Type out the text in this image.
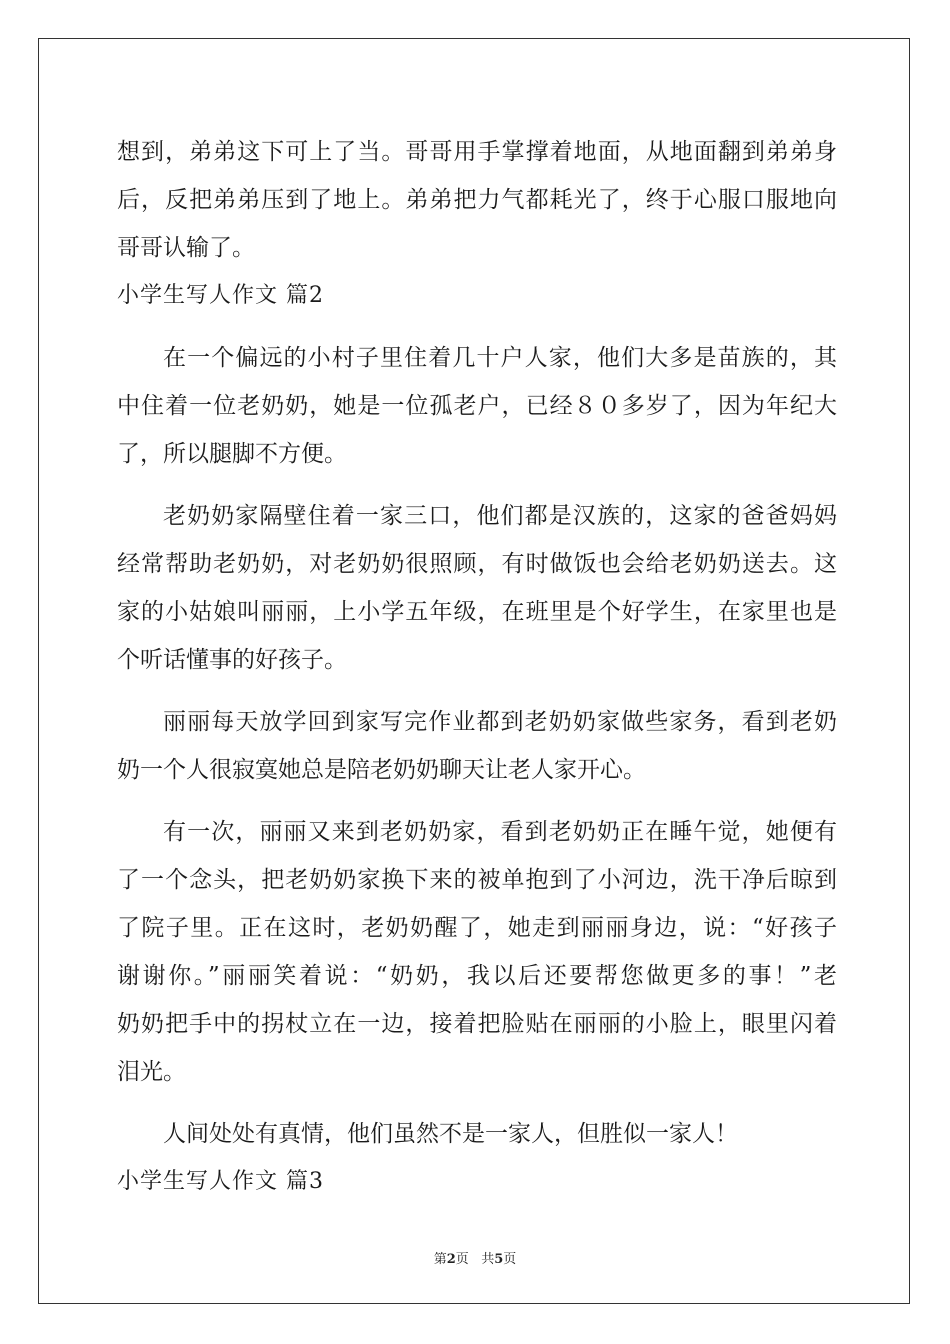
想到，弟弟这下可上了当。哥哥用手掌撑着地面，从地面翻到弟弟身
后，反把弟弟压到了地上。弟弟把力气都耗光了，终于心服口服地向
哥哥认输了。
小学生写人作文 篇2
在一个偏远的小村子里住着几十户人家，他们大多是苗族的，其
中住着一位老奶奶，她是一位孤老户，已经８０多岁了，因为年纪大
了，所以腿脚不方便。
老奶奶家隔壁住着一家三口，他们都是汉族的，这家的爸爸妈妈
经常帮助老奶奶，对老奶奶很照顾，有时做饭也会给老奶奶送去。这
家的小姑娘叫丽丽，上小学五年级，在班里是个好学生，在家里也是
个听话懂事的好孩子。
丽丽每天放学回到家写完作业都到老奶奶家做些家务，看到老奶
奶一个人很寂寞她总是陪老奶奶聊天让老人家开心。
有一次，丽丽又来到老奶奶家，看到老奶奶正在睡午觉，她便有
了一个念头，把老奶奶家换下来的被单抱到了小河边，洗干净后晾到
了院子里。正在这时，老奶奶醒了，她走到丽丽身边，说：“好孩子
谢谢你。”丽丽笑着说：“奶奶，我以后还要帮您做更多的事！”老
奶奶把手中的拐杖立在一边，接着把脸贴在丽丽的小脸上，眼里闪着
泪光。
人间处处有真情，他们虽然不是一家人，但胜似一家人！
小学生写人作文 篇3
第2页 共5页
